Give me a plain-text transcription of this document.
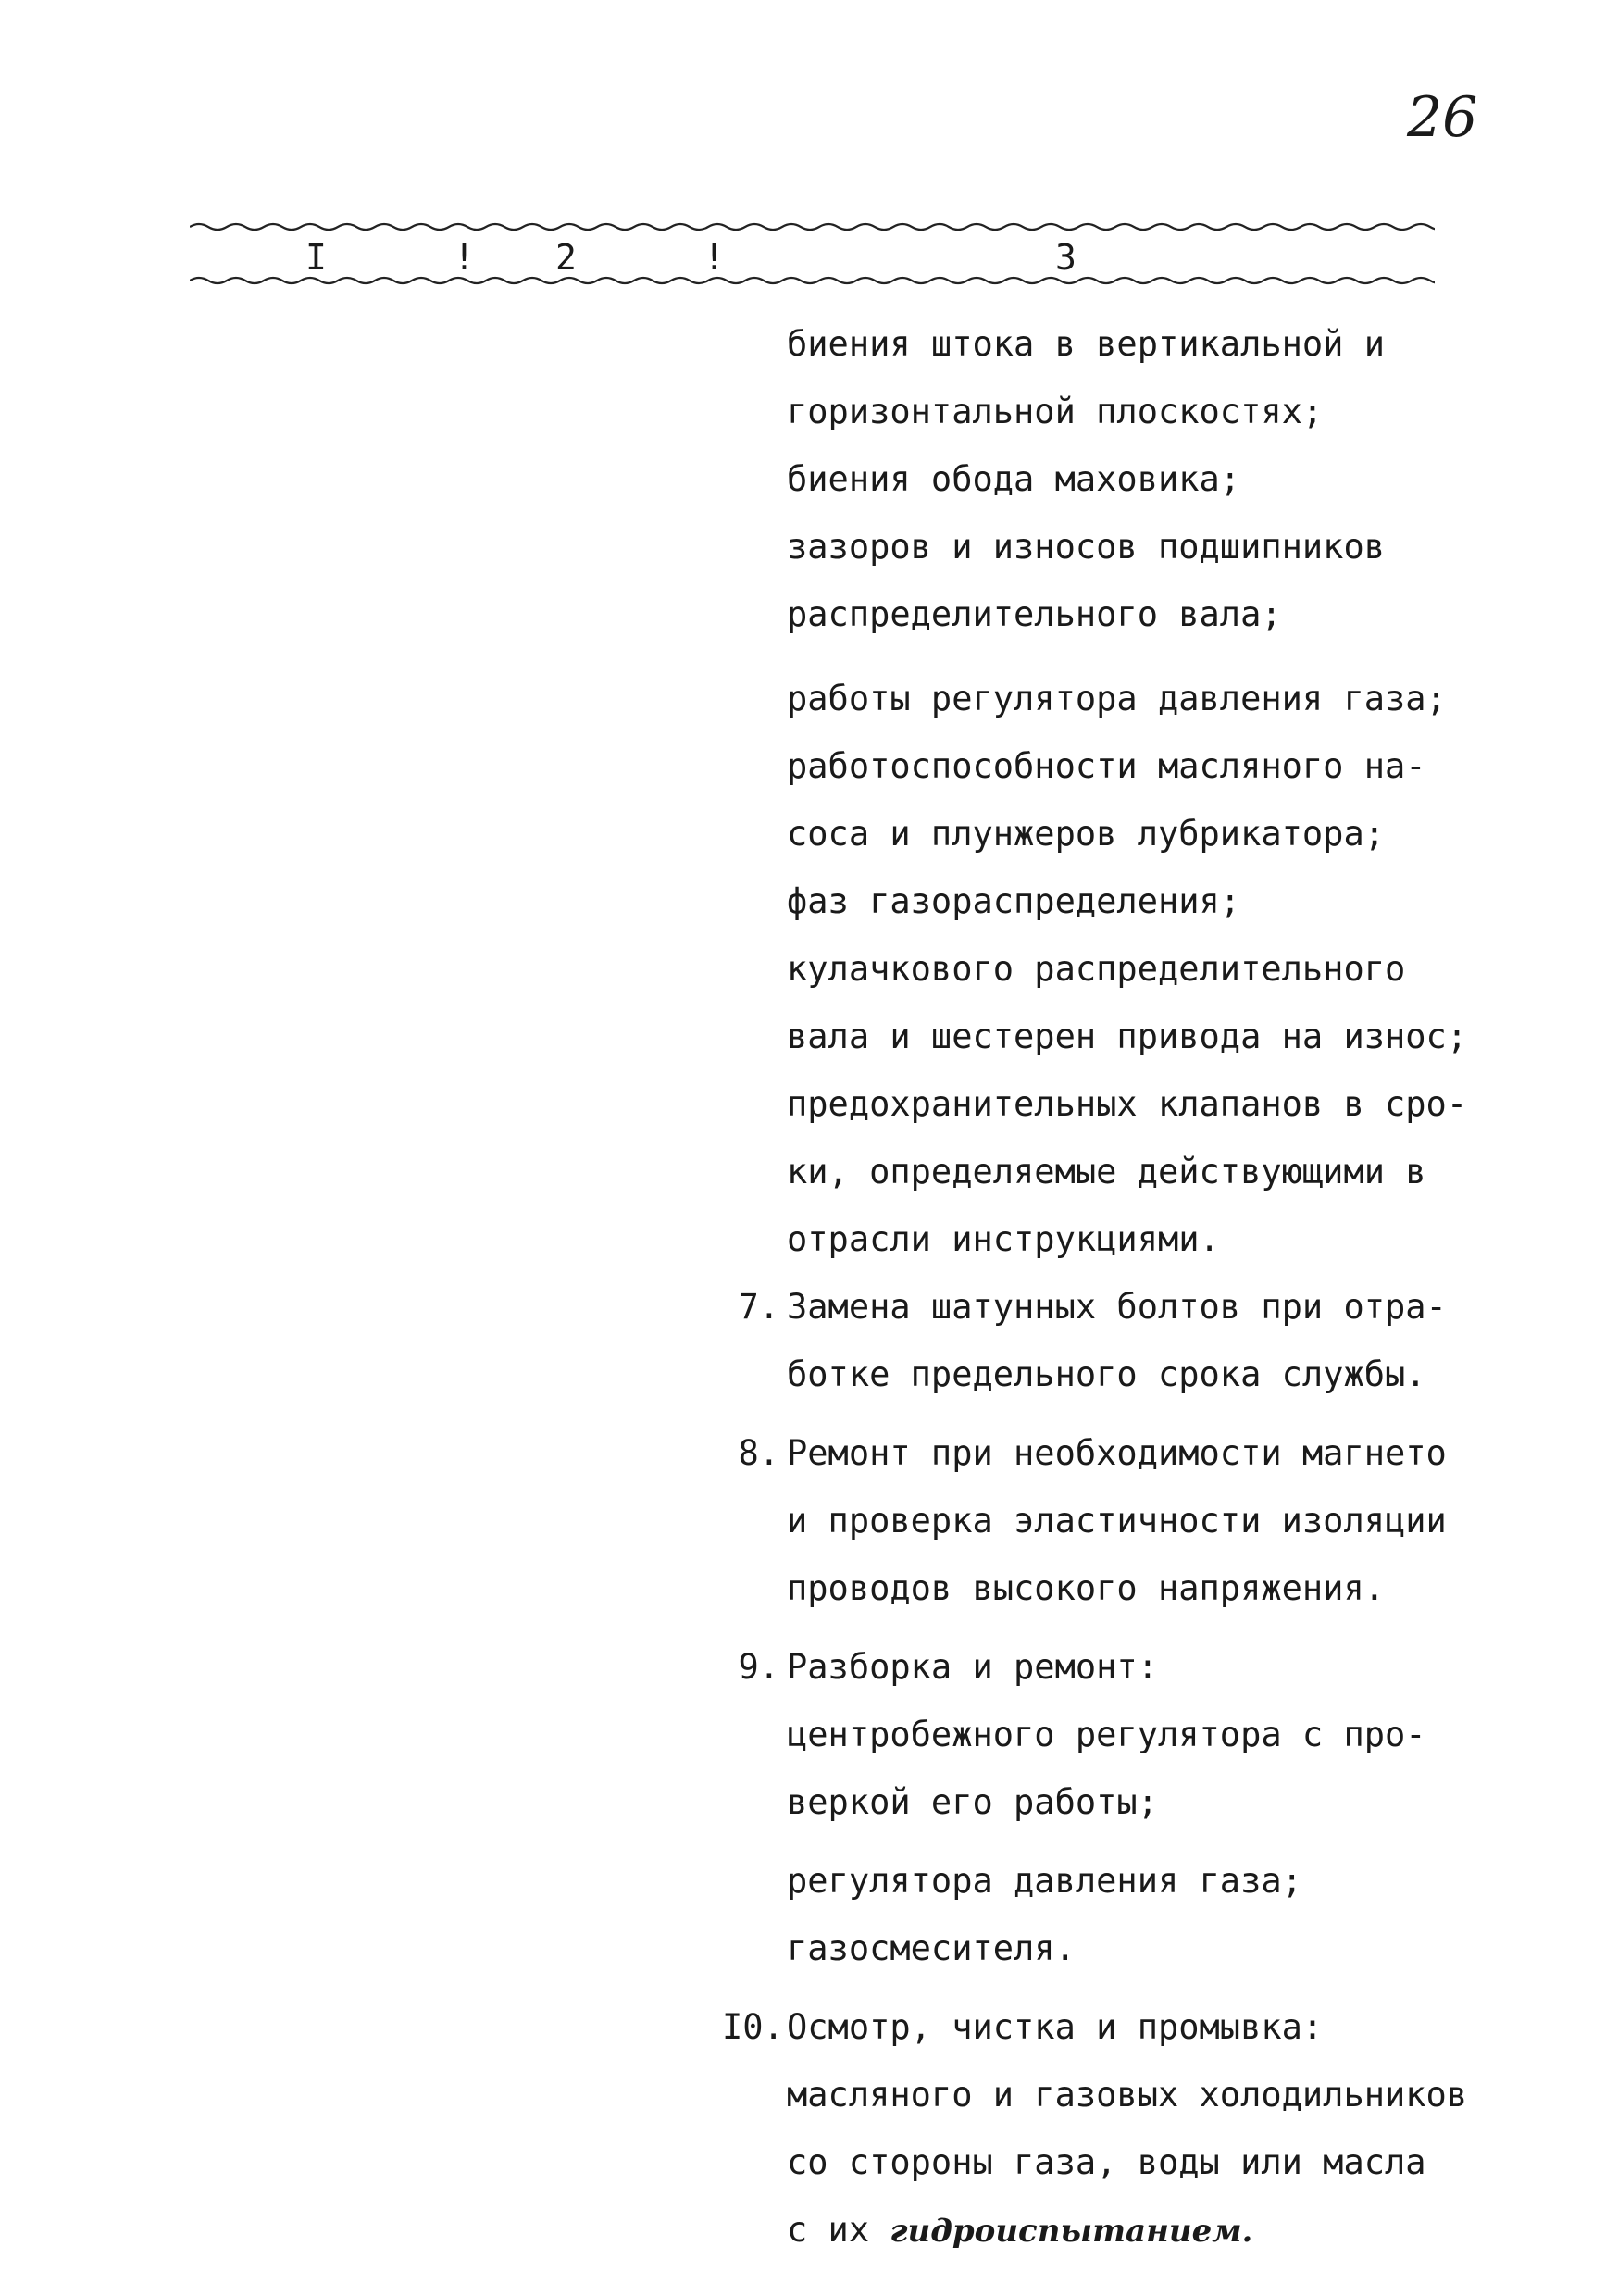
26
I	! 2	!	3
биения штока в вертикальной и
горизонтальной плоскостях;
биения обода маховика;
зазоров и износов подшипников
распределительного вала;
работы регулятора давления газа;
работоспособности масляного на-
соса и плунжеров лубрикатора;
фаз газораспределения;
кулачкового распределительного
вала и шестерен привода на износ;
предохранительных клапанов в сро-
ки, определяемые действующими в
отрасли инструкциями.
7. Замена шатунных болтов при отра-
ботке предельного срока службы.
8. Ремонт при необходимости магнето
и проверка эластичности изоляции
проводов высокого напряжения.
9. Разборка и ремонт:
центробежного регулятора с про-
веркой его работы;
регулятора давления газа;
газосмесителя.
I0. Осмотр, чистка и промывка:
масляного и газовых холодильников
со стороны газа, воды или масла
с их гидроиспытанием.
